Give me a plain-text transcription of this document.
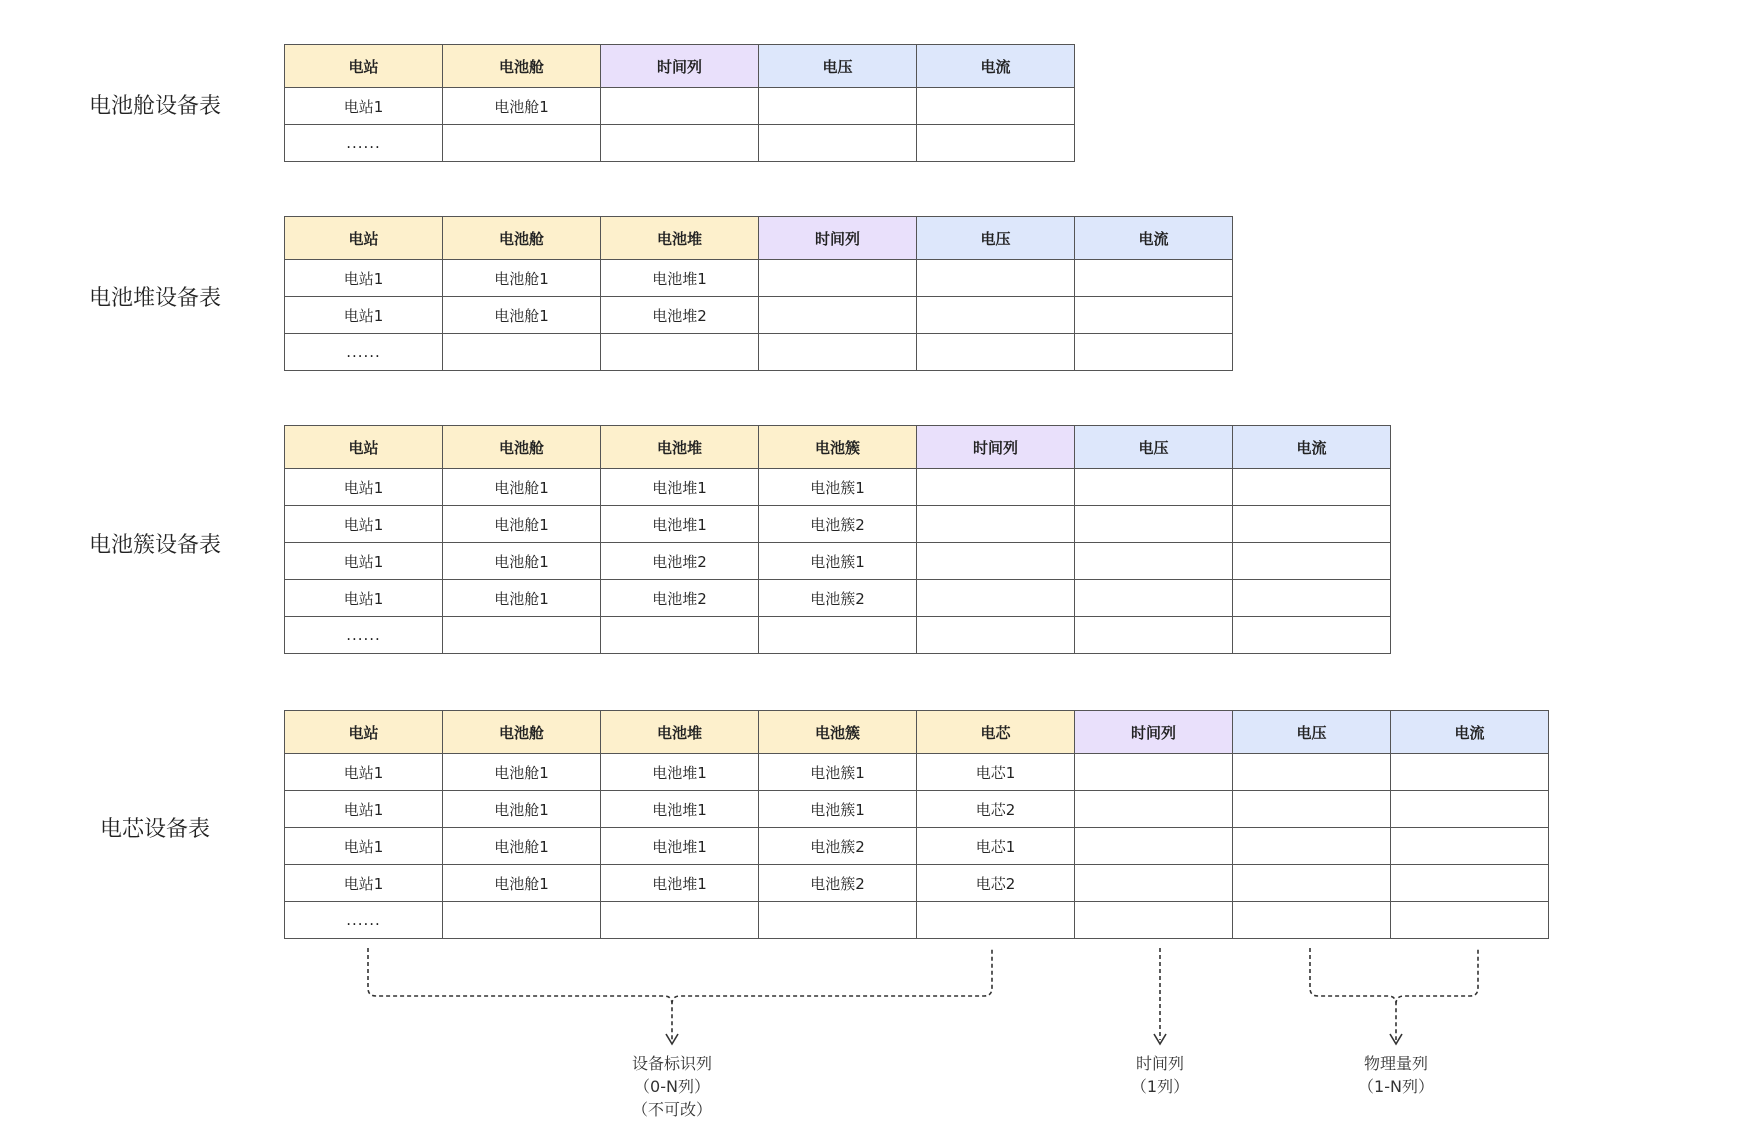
电池舱设备表
电站	电池舱	时间列	电压	电流
电站1	电池舱1			
......				
电池堆设备表
电站	电池舱	电池堆	时间列	电压	电流
电站1	电池舱1	电池堆1			
电站1	电池舱1	电池堆2			
......					
电池簇设备表
电站	电池舱	电池堆	电池簇	时间列	电压	电流
电站1	电池舱1	电池堆1	电池簇1			
电站1	电池舱1	电池堆1	电池簇2			
电站1	电池舱1	电池堆2	电池簇1			
电站1	电池舱1	电池堆2	电池簇2			
......						
电芯设备表
电站	电池舱	电池堆	电池簇	电芯	时间列	电压	电流
电站1	电池舱1	电池堆1	电池簇1	电芯1			
电站1	电池舱1	电池堆1	电池簇1	电芯2			
电站1	电池舱1	电池堆1	电池簇2	电芯1			
电站1	电池舱1	电池堆1	电池簇2	电芯2			
......							
设备标识列
（0-N列）
（不可改）
时间列
（1列）
物理量列
（1-N列）
